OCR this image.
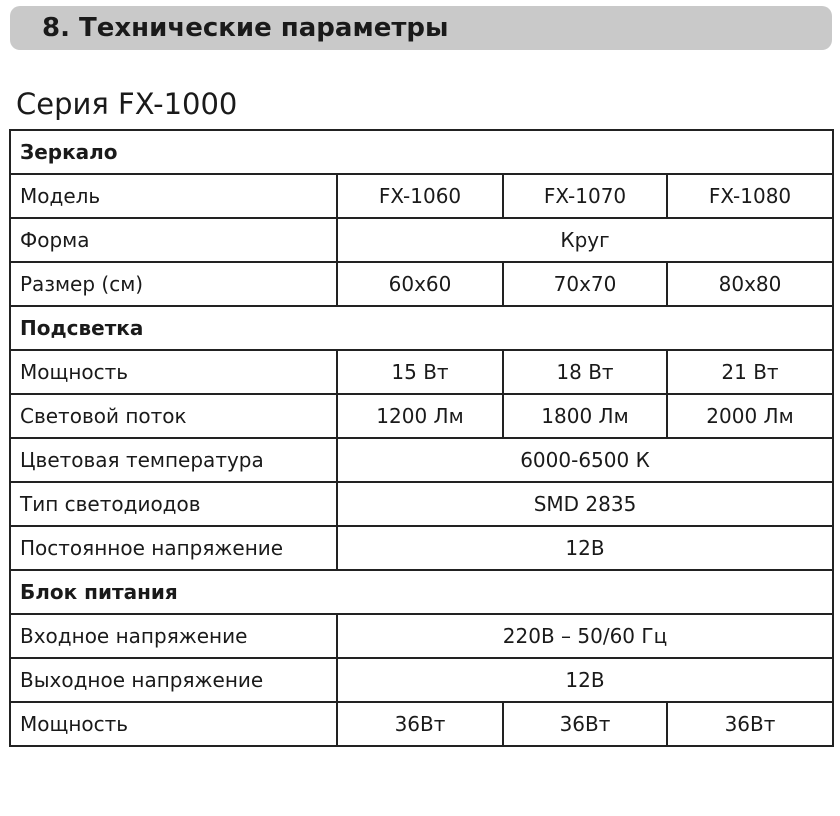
8. Технические параметры
Серия FX-1000
Зеркало			
Модель	FX-1060	FX-1070	FX-1080
Форма	Круг		
Размер (см)	60х60	70х70	80х80
Подсветка			
Мощность	15 Вт	18 Вт	21 Вт
Световой поток	1200 Лм	1800 Лм	2000 Лм
Цветовая температура	6000-6500 К		
Тип светодиодов	SMD 2835		
Постоянное напряжение	12В		
Блок питания			
Входное напряжение	220В – 50/60 Гц		
Выходное напряжение	12В		
Мощность	36Вт	36Вт	36Вт
